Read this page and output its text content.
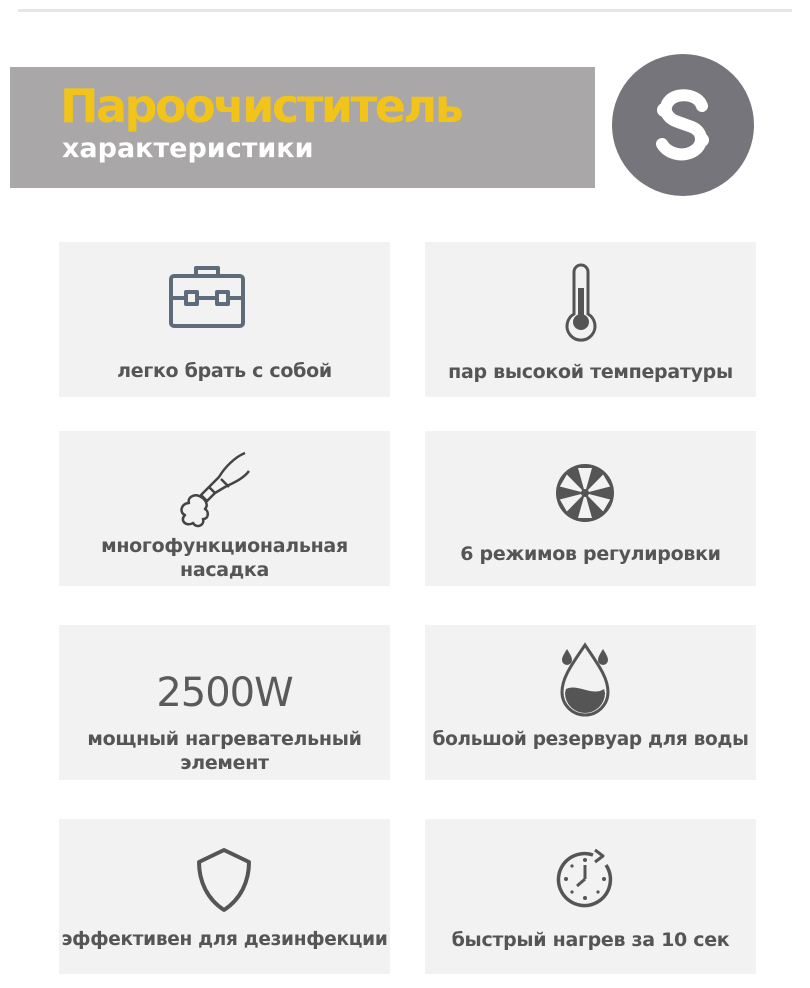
Пароочиститель
характеристики
легко брать с собой	пар высокой температуры
многофункциональная
насадка
6 режимов регулировки
2500W
мощный нагревательный
элемент
большой резервуар для воды
эффективен для дезинфекции	быстрый нагрев за 10 сек
